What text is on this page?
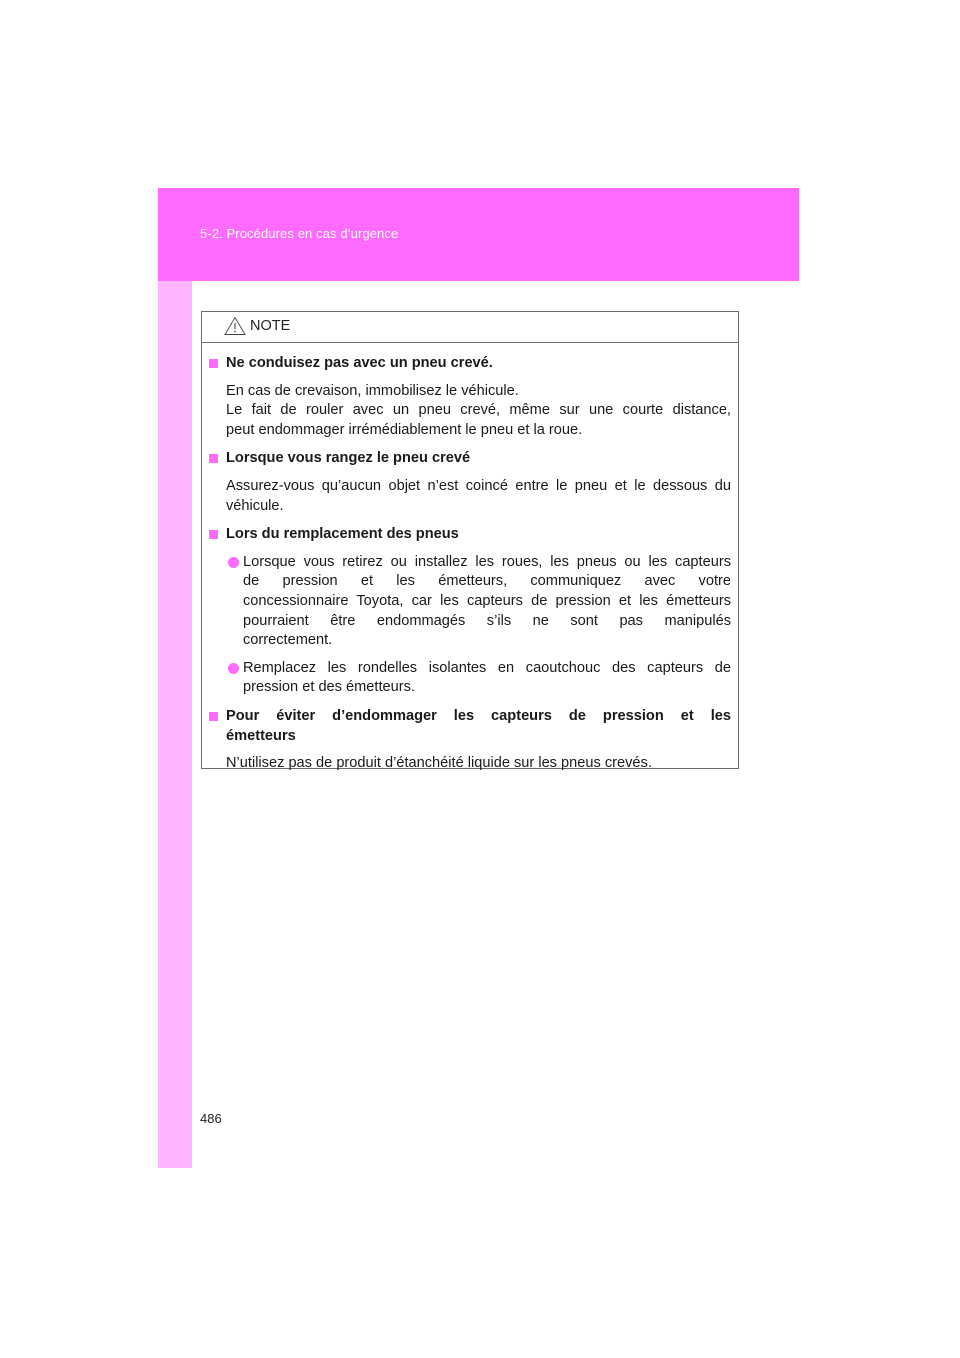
5-2. Procédures en cas d’urgence
NOTE
Ne conduisez pas avec un pneu crevé.
En cas de crevaison, immobilisez le véhicule.
Le fait de rouler avec un pneu crevé, même sur une courte distance,
peut endommager irrémédiablement le pneu et la roue.
Lorsque vous rangez le pneu crevé
Assurez-vous qu’aucun objet n’est coincé entre le pneu et le dessous du
véhicule.
Lors du remplacement des pneus
Lorsque vous retirez ou installez les roues, les pneus ou les capteurs
de pression et les émetteurs, communiquez avec votre
concessionnaire Toyota, car les capteurs de pression et les émetteurs
pourraient être endommagés s’ils ne sont pas manipulés
correctement.
Remplacez les rondelles isolantes en caoutchouc des capteurs de
pression et des émetteurs.
Pour éviter d’endommager les capteurs de pression et les
émetteurs
N’utilisez pas de produit d’étanchéité liquide sur les pneus crevés.
486
